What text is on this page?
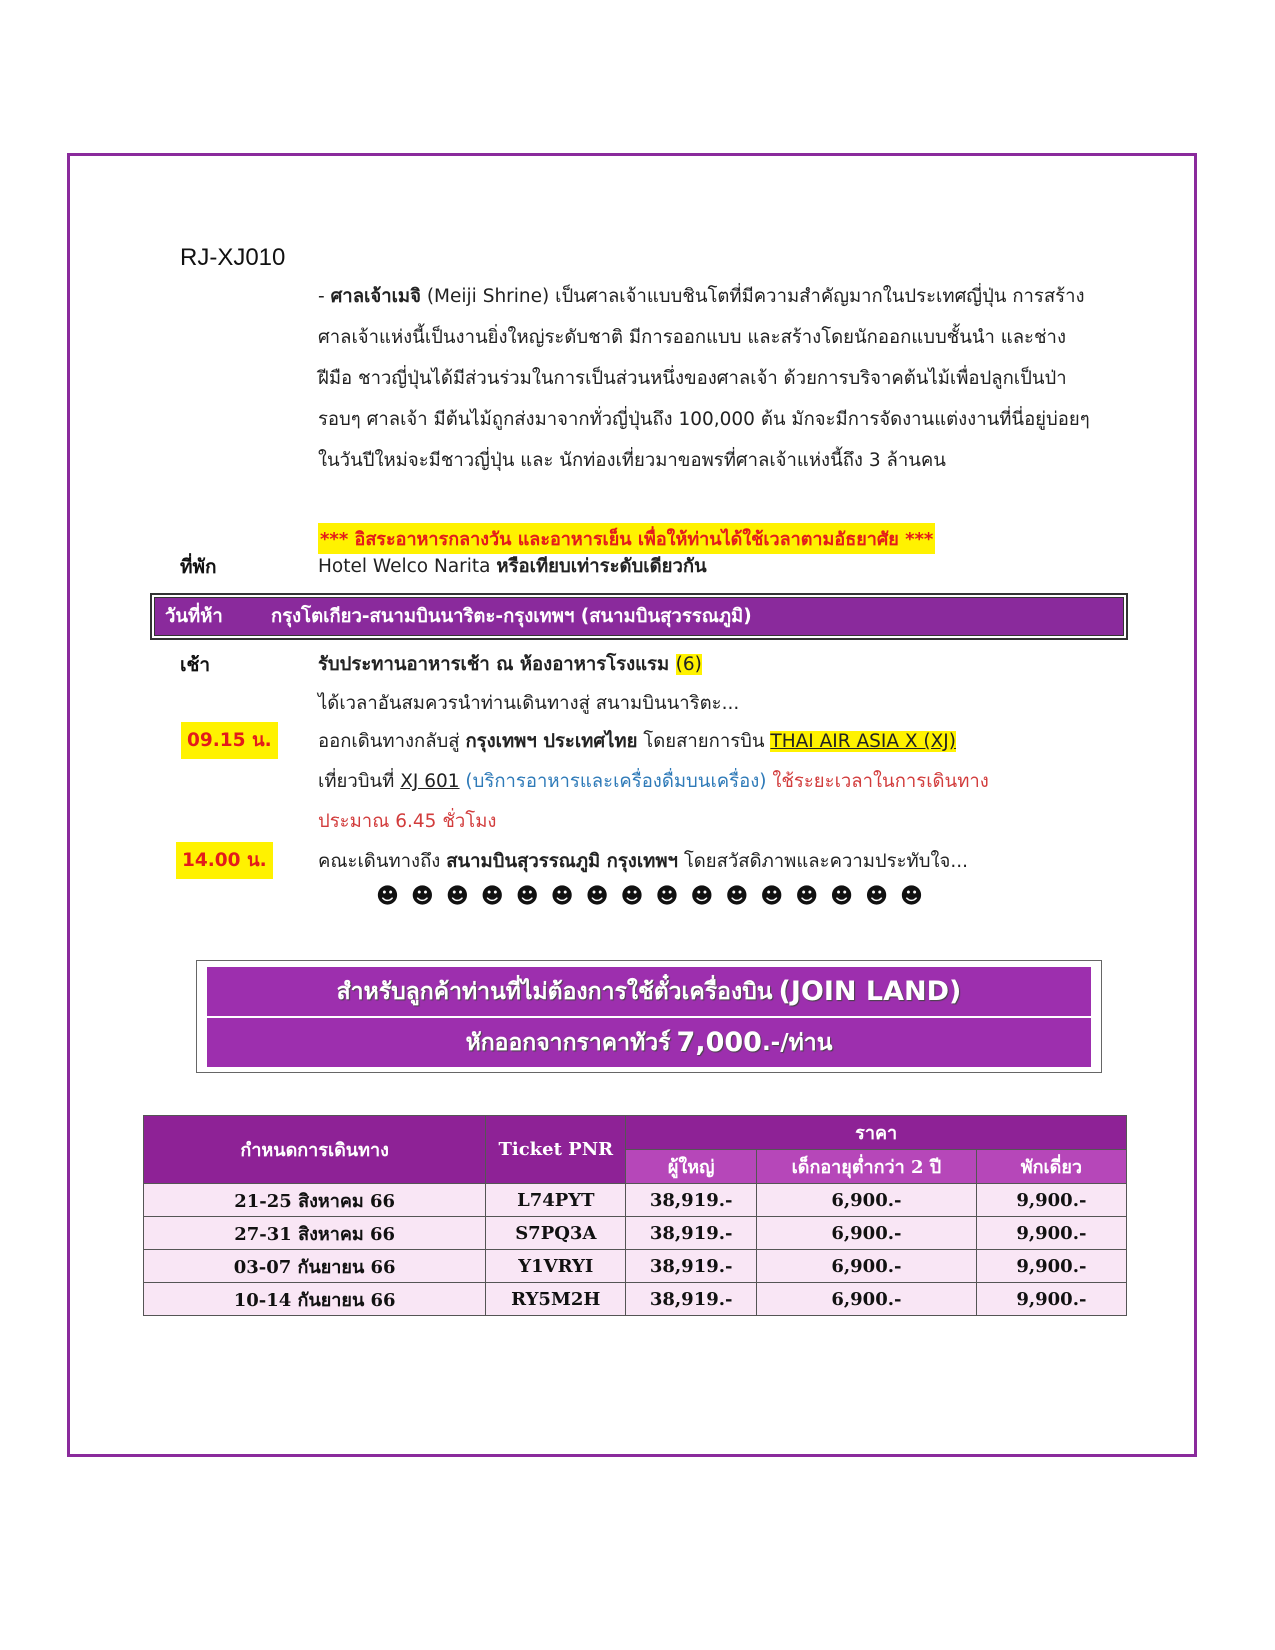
RJ-XJ010
- ศาลเจ้าเมจิ (Meiji Shrine) เป็นศาลเจ้าแบบชินโตที่มีความสำคัญมากในประเทศญี่ปุ่น การสร้างศาลเจ้าแห่งนี้เป็นงานยิ่งใหญ่ระดับชาติ มีการออกแบบ และสร้างโดยนักออกแบบชั้นนำ และช่างฝีมือ ชาวญี่ปุ่นได้มีส่วนร่วมในการเป็นส่วนหนึ่งของศาลเจ้า ด้วยการบริจาคต้นไม้เพื่อปลูกเป็นป่ารอบๆ ศาลเจ้า มีต้นไม้ถูกส่งมาจากทั่วญี่ปุ่นถึง 100,000 ต้น มักจะมีการจัดงานแต่งงานที่นี่อยู่บ่อยๆ ในวันปีใหม่จะมีชาวญี่ปุ่น และ นักท่องเที่ยวมาขอพรที่ศาลเจ้าแห่งนี้ถึง 3 ล้านคน
*** อิสระอาหารกลางวัน และอาหารเย็น เพื่อให้ท่านได้ใช้เวลาตามอัธยาศัย ***
ที่พัก	Hotel Welco Narita หรือเทียบเท่าระดับเดียวกัน
วันที่ห้า	กรุงโตเกียว-สนามบินนาริตะ-กรุงเทพฯ (สนามบินสุวรรณภูมิ)
เช้า	รับประทานอาหารเช้า ณ ห้องอาหารโรงแรม (6)
ได้เวลาอันสมควรนำท่านเดินทางสู่ สนามบินนาริตะ...
09.15 น.	ออกเดินทางกลับสู่ กรุงเทพฯ ประเทศไทย โดยสายการบิน THAI AIR ASIA X (XJ)
เที่ยวบินที่ XJ 601 (บริการอาหารและเครื่องดื่มบนเครื่อง) ใช้ระยะเวลาในการเดินทาง
ประมาณ 6.45 ชั่วโมง
14.00 น.	คณะเดินทางถึง สนามบินสุวรรณภูมิ กรุงเทพฯ โดยสวัสดิภาพและความประทับใจ...
☻☻☻☻☻☻☻☻☻☻☻☻☻☻☻☻
สำหรับลูกค้าท่านที่ไม่ต้องการใช้ตั๋วเครื่องบิน (JOIN LAND)
หักออกจากราคาทัวร์ 7,000 .-/ท่าน
กำหนดการเดินทาง	Ticket PNR	ราคา		
		ผู้ใหญ่	เด็กอายุต่ำกว่า 2 ปี	พักเดี่ยว
21-25 สิงหาคม 66	L74PYT	38,919.-	6,900.-	9,900.-
27-31 สิงหาคม 66	S7PQ3A	38,919.-	6,900.-	9,900.-
03-07 กันยายน 66	Y1VRYI	38,919.-	6,900.-	9,900.-
10-14 กันยายน 66	RY5M2H	38,919.-	6,900.-	9,900.-
